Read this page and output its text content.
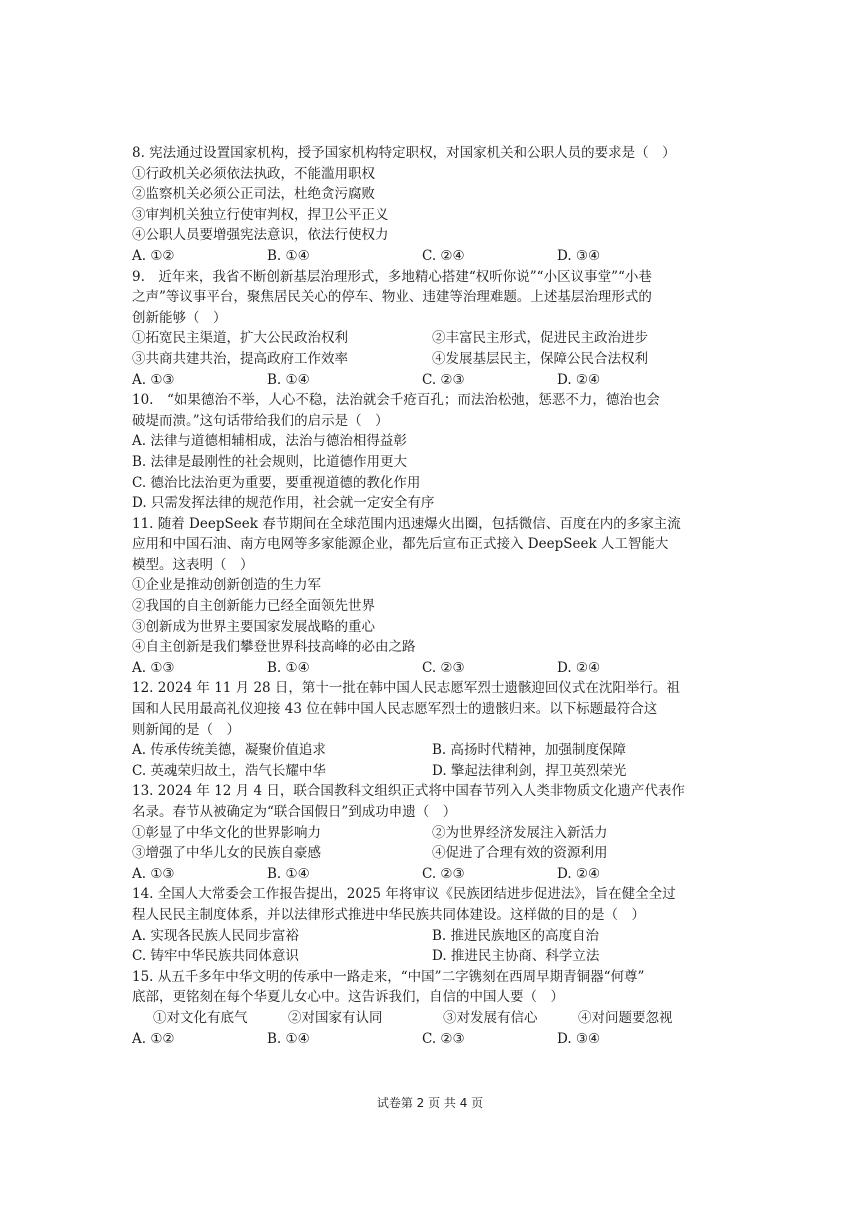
8. 宪法通过设置国家机构，授予国家机构特定职权，对国家机关和公职人员的要求是（　）
①行政机关必须依法执政，不能滥用职权
②监察机关必须公正司法，杜绝贪污腐败
③审判机关独立行使审判权，捍卫公平正义
④公职人员要增强宪法意识，依法行使权力
A. ①②	B. ①④	C. ②④	D. ③④
9.　近年来，我省不断创新基层治理形式，多地精心搭建“权听你说”“小区议事堂”“小巷
之声”等议事平台，聚焦居民关心的停车、物业、违建等治理难题。上述基层治理形式的
创新能够（　）
①拓宽民主渠道，扩大公民政治权利	②丰富民主形式，促进民主政治进步
③共商共建共治，提高政府工作效率	④发展基层民主，保障公民合法权利
A. ①③	B. ①④	C. ②③	D. ②④
10.　“如果德治不举，人心不稳，法治就会千疮百孔；而法治松弛，惩恶不力，德治也会
破堤而溃。”这句话带给我们的启示是（　）
A. 法律与道德相辅相成，法治与德治相得益彰
B. 法律是最刚性的社会规则，比道德作用更大
C. 德治比法治更为重要，要重视道德的教化作用
D. 只需发挥法律的规范作用，社会就一定安全有序
11. 随着 DeepSeek 春节期间在全球范围内迅速爆火出圈，包括微信、百度在内的多家主流
应用和中国石油、南方电网等多家能源企业，都先后宣布正式接入 DeepSeek 人工智能大
模型。这表明（　）
①企业是推动创新创造的生力军
②我国的自主创新能力已经全面领先世界
③创新成为世界主要国家发展战略的重心
④自主创新是我们攀登世界科技高峰的必由之路
A. ①③	B. ①④	C. ②③	D. ②④
12. 2024 年 11 月 28 日，第十一批在韩中国人民志愿军烈士遗骸迎回仪式在沈阳举行。祖
国和人民用最高礼仪迎接 43 位在韩中国人民志愿军烈士的遗骸归来。以下标题最符合这
则新闻的是（　）
A. 传承传统美德，凝聚价值追求	B. 高扬时代精神，加强制度保障
C. 英魂荣归故土，浩气长耀中华	D. 擎起法律利剑，捍卫英烈荣光
13. 2024 年 12 月 4 日，联合国教科文组织正式将中国春节列入人类非物质文化遗产代表作
名录。春节从被确定为“联合国假日”到成功申遗（　）
①彰显了中华文化的世界影响力	②为世界经济发展注入新活力
③增强了中华儿女的民族自豪感	④促进了合理有效的资源利用
A. ①③	B. ①④	C. ②③	D. ②④
14. 全国人大常委会工作报告提出，2025 年将审议《民族团结进步促进法》，旨在健全全过
程人民民主制度体系，并以法律形式推进中华民族共同体建设。这样做的目的是（　）
A. 实现各民族人民同步富裕	B. 推进民族地区的高度自治
C. 铸牢中华民族共同体意识	D. 推进民主协商、科学立法
15. 从五千多年中华文明的传承中一路走来，“中国”二字镌刻在西周早期青铜器“何尊”
底部，更铭刻在每个华夏儿女心中。这告诉我们，自信的中国人要（　）
①对文化有底气	②对国家有认同	③对发展有信心	④对问题要忽视
A. ①②	B. ①④	C. ②③	D. ③④
试卷第 2 页 共 4 页
